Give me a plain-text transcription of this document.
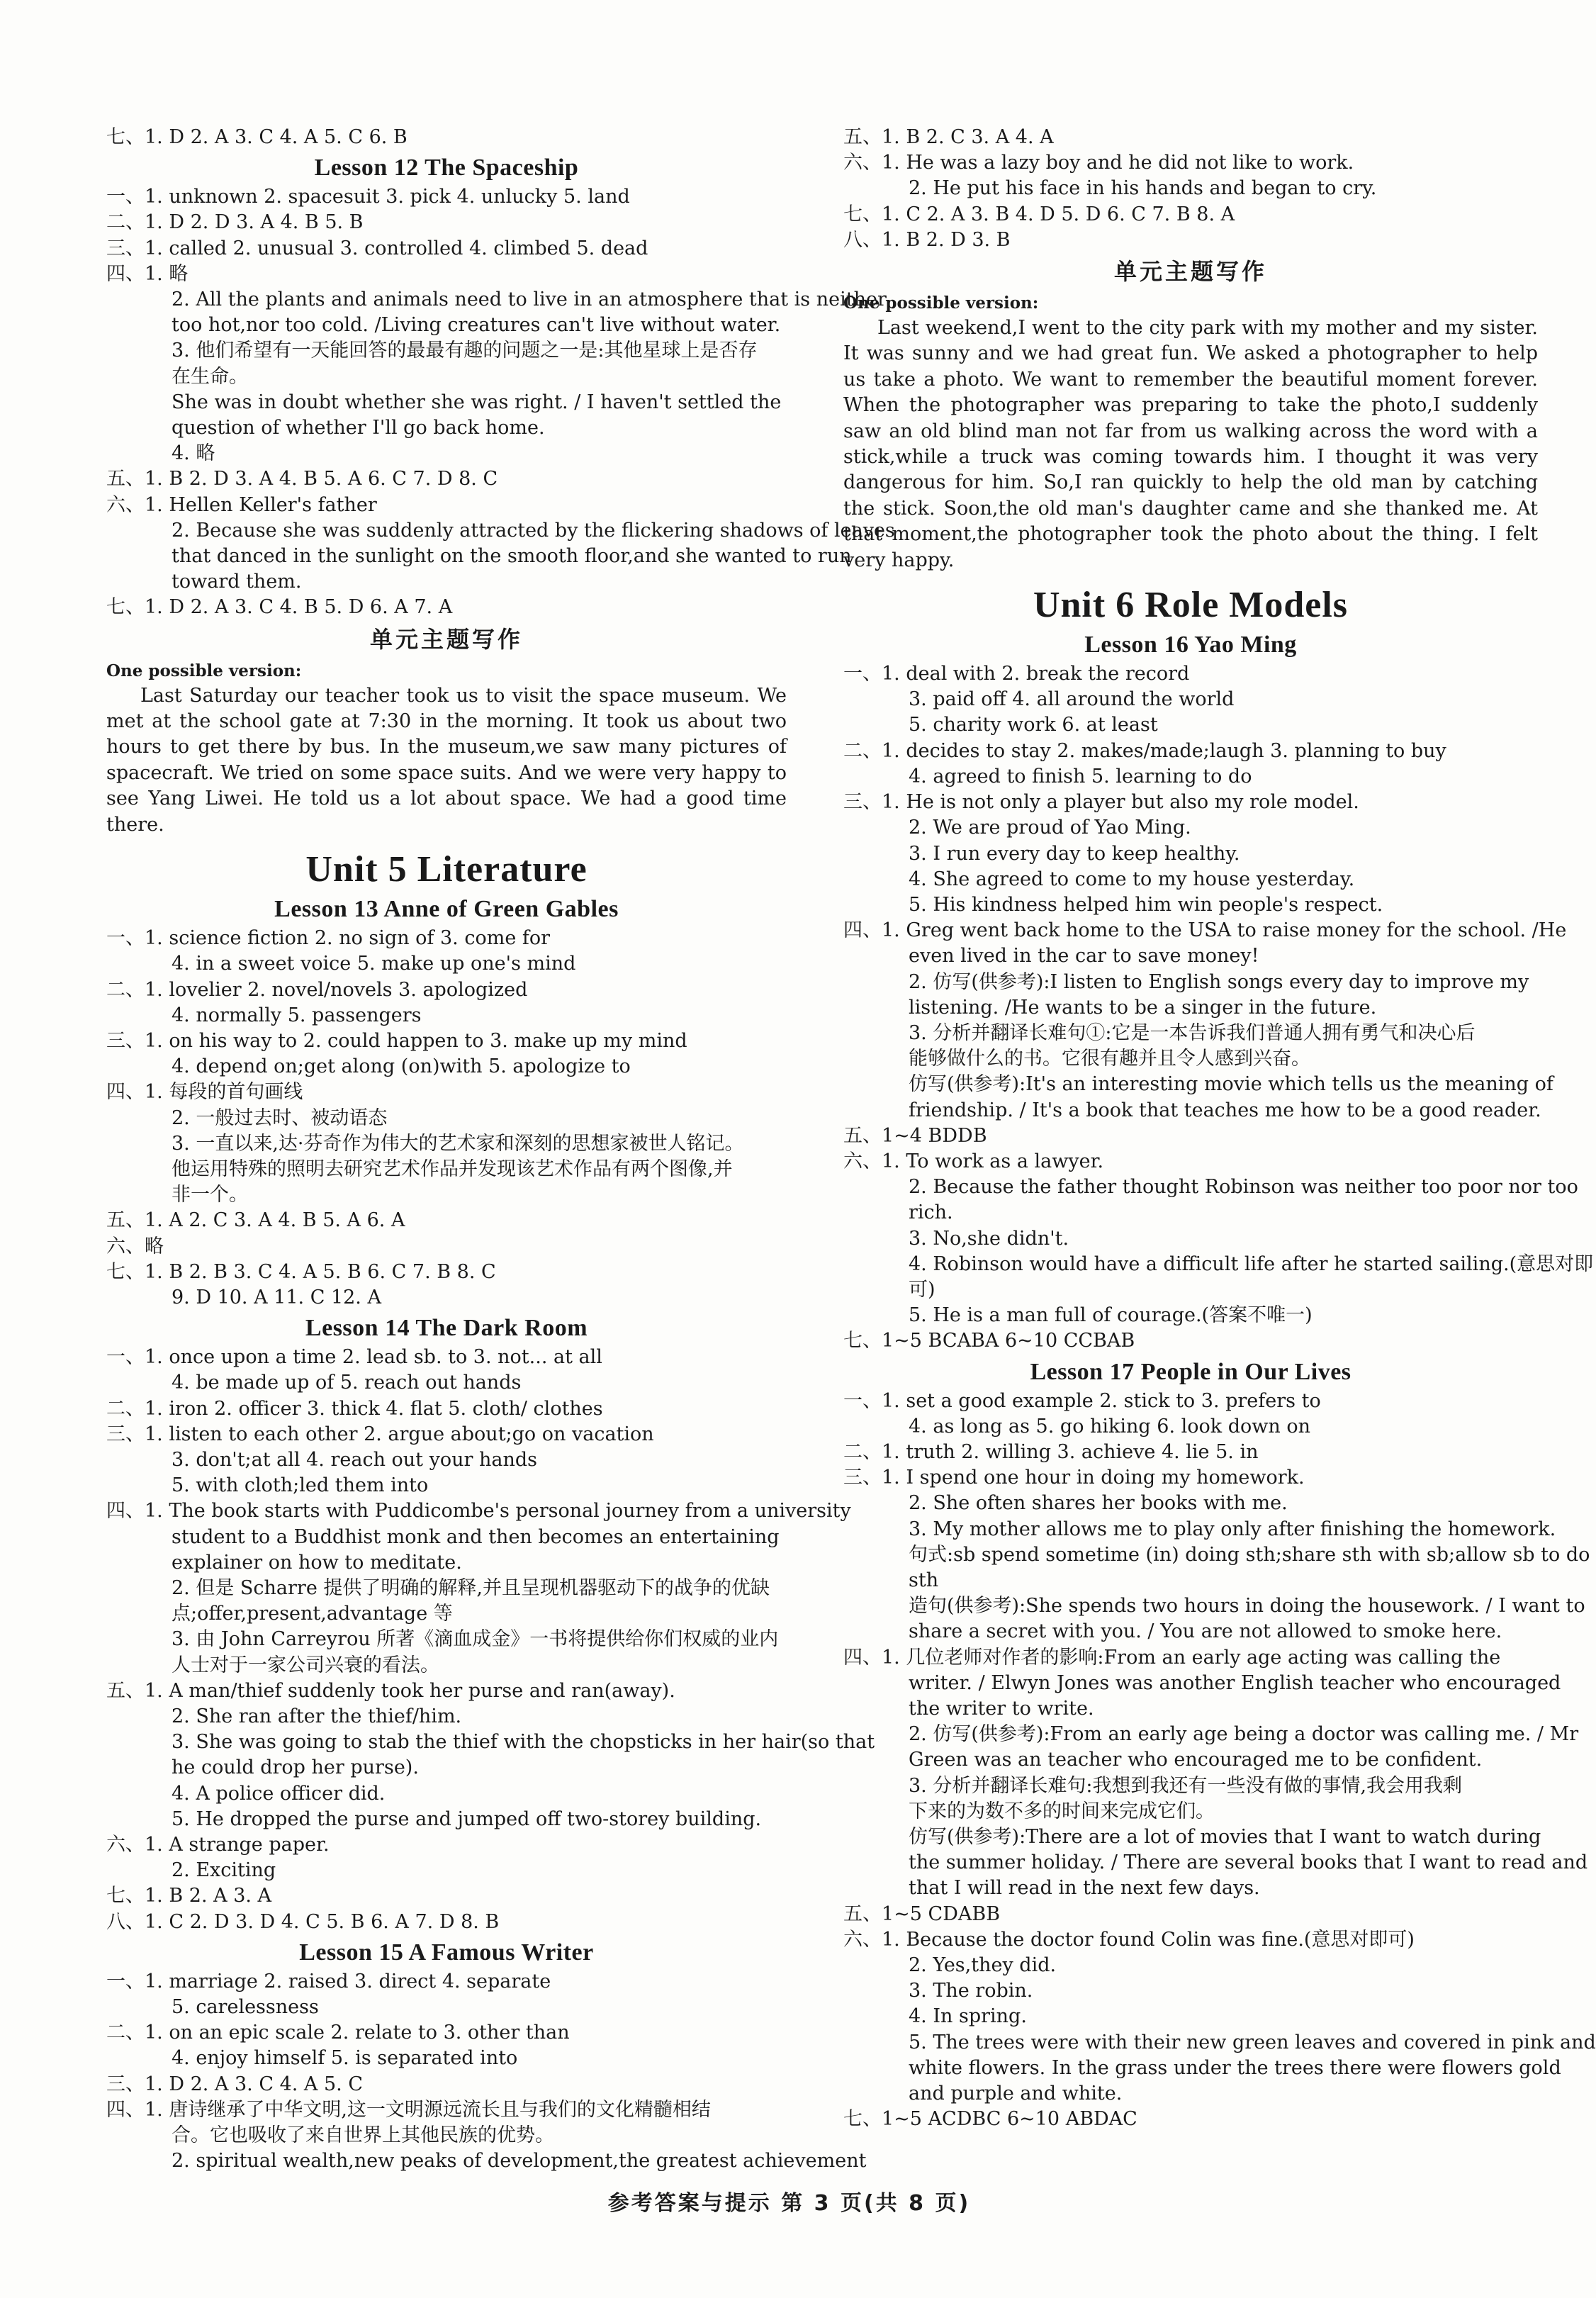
七、1. D 2. A 3. C 4. A 5. C 6. B
Lesson 12 The Spaceship
一、1. unknown 2. spacesuit 3. pick 4. unlucky 5. land
二、1. D 2. D 3. A 4. B 5. B
三、1. called 2. unusual 3. controlled 4. climbed 5. dead
四、1. 略
2. All the plants and animals need to live in an atmosphere that is neither
too hot,nor too cold. /Living creatures can't live without water.
3. 他们希望有一天能回答的最最有趣的问题之一是:其他星球上是否存
在生命。
She was in doubt whether she was right. / I haven't settled the
question of whether I'll go back home.
4. 略
五、1. B 2. D 3. A 4. B 5. A 6. C 7. D 8. C
六、1. Hellen Keller's father
2. Because she was suddenly attracted by the flickering shadows of leaves
that danced in the sunlight on the smooth floor,and she wanted to run
toward them.
七、1. D 2. A 3. C 4. B 5. D 6. A 7. A
单元主题写作
One possible version:
Last Saturday our teacher took us to visit the space museum. We met at the school gate at 7:30 in the morning. It took us about two hours to get there by bus. In the museum,we saw many pictures of spacecraft. We tried on some space suits. And we were very happy to see Yang Liwei. He told us a lot about space. We had a good time there.
Unit 5 Literature
Lesson 13 Anne of Green Gables
一、1. science fiction 2. no sign of 3. come for
4. in a sweet voice 5. make up one's mind
二、1. lovelier 2. novel/novels 3. apologized
4. normally 5. passengers
三、1. on his way to 2. could happen to 3. make up my mind
4. depend on;get along (on)with 5. apologize to
四、1. 每段的首句画线
2. 一般过去时、被动语态
3. 一直以来,达·芬奇作为伟大的艺术家和深刻的思想家被世人铭记。
他运用特殊的照明去研究艺术作品并发现该艺术作品有两个图像,并
非一个。
五、1. A 2. C 3. A 4. B 5. A 6. A
六、略
七、1. B 2. B 3. C 4. A 5. B 6. C 7. B 8. C
9. D 10. A 11. C 12. A
Lesson 14 The Dark Room
一、1. once upon a time 2. lead sb. to 3. not... at all
4. be made up of 5. reach out hands
二、1. iron 2. officer 3. thick 4. flat 5. cloth/ clothes
三、1. listen to each other 2. argue about;go on vacation
3. don't;at all 4. reach out your hands
5. with cloth;led them into
四、1. The book starts with Puddicombe's personal journey from a university
student to a Buddhist monk and then becomes an entertaining
explainer on how to meditate.
2. 但是 Scharre 提供了明确的解释,并且呈现机器驱动下的战争的优缺
点;offer,present,advantage 等
3. 由 John Carreyrou 所著《滴血成金》一书将提供给你们权威的业内
人士对于一家公司兴衰的看法。
五、1. A man/thief suddenly took her purse and ran(away).
2. She ran after the thief/him.
3. She was going to stab the thief with the chopsticks in her hair(so that
he could drop her purse).
4. A police officer did.
5. He dropped the purse and jumped off two-storey building.
六、1. A strange paper.
2. Exciting
七、1. B 2. A 3. A
八、1. C 2. D 3. D 4. C 5. B 6. A 7. D 8. B
Lesson 15 A Famous Writer
一、1. marriage 2. raised 3. direct 4. separate
5. carelessness
二、1. on an epic scale 2. relate to 3. other than
4. enjoy himself 5. is separated into
三、1. D 2. A 3. C 4. A 5. C
四、1. 唐诗继承了中华文明,这一文明源远流长且与我们的文化精髓相结
合。它也吸收了来自世界上其他民族的优势。
2. spiritual wealth,new peaks of development,the greatest achievement
五、1. B 2. C 3. A 4. A
六、1. He was a lazy boy and he did not like to work.
2. He put his face in his hands and began to cry.
七、1. C 2. A 3. B 4. D 5. D 6. C 7. B 8. A
八、1. B 2. D 3. B
单元主题写作
One possible version:
Last weekend,I went to the city park with my mother and my sister. It was sunny and we had great fun. We asked a photographer to help us take a photo. We want to remember the beautiful moment forever. When the photographer was preparing to take the photo,I suddenly saw an old blind man not far from us walking across the word with a stick,while a truck was coming towards him. I thought it was very dangerous for him. So,I ran quickly to help the old man by catching the stick. Soon,the old man's daughter came and she thanked me. At that moment,the photographer took the photo about the thing. I felt very happy.
Unit 6 Role Models
Lesson 16 Yao Ming
一、1. deal with 2. break the record
3. paid off 4. all around the world
5. charity work 6. at least
二、1. decides to stay 2. makes/made;laugh 3. planning to buy
4. agreed to finish 5. learning to do
三、1. He is not only a player but also my role model.
2. We are proud of Yao Ming.
3. I run every day to keep healthy.
4. She agreed to come to my house yesterday.
5. His kindness helped him win people's respect.
四、1. Greg went back home to the USA to raise money for the school. /He
even lived in the car to save money!
2. 仿写(供参考):I listen to English songs every day to improve my
listening. /He wants to be a singer in the future.
3. 分析并翻译长难句①:它是一本告诉我们普通人拥有勇气和决心后
能够做什么的书。它很有趣并且令人感到兴奋。
仿写(供参考):It's an interesting movie which tells us the meaning of
friendship. / It's a book that teaches me how to be a good reader.
五、1~4 BDDB
六、1. To work as a lawyer.
2. Because the father thought Robinson was neither too poor nor too
rich.
3. No,she didn't.
4. Robinson would have a difficult life after he started sailing.(意思对即
可)
5. He is a man full of courage.(答案不唯一)
七、1~5 BCABA 6~10 CCBAB
Lesson 17 People in Our Lives
一、1. set a good example 2. stick to 3. prefers to
4. as long as 5. go hiking 6. look down on
二、1. truth 2. willing 3. achieve 4. lie 5. in
三、1. I spend one hour in doing my homework.
2. She often shares her books with me.
3. My mother allows me to play only after finishing the homework.
句式:sb spend sometime (in) doing sth;share sth with sb;allow sb to do
sth
造句(供参考):She spends two hours in doing the housework. / I want to
share a secret with you. / You are not allowed to smoke here.
四、1. 几位老师对作者的影响:From an early age acting was calling the
writer. / Elwyn Jones was another English teacher who encouraged
the writer to write.
2. 仿写(供参考):From an early age being a doctor was calling me. / Mr
Green was an teacher who encouraged me to be confident.
3. 分析并翻译长难句:我想到我还有一些没有做的事情,我会用我剩
下来的为数不多的时间来完成它们。
仿写(供参考):There are a lot of movies that I want to watch during
the summer holiday. / There are several books that I want to read and
that I will read in the next few days.
五、1~5 CDABB
六、1. Because the doctor found Colin was fine.(意思对即可)
2. Yes,they did.
3. The robin.
4. In spring.
5. The trees were with their new green leaves and covered in pink and
white flowers. In the grass under the trees there were flowers gold
and purple and white.
七、1~5 ACDBC 6~10 ABDAC
参考答案与提示 第 3 页(共 8 页)
